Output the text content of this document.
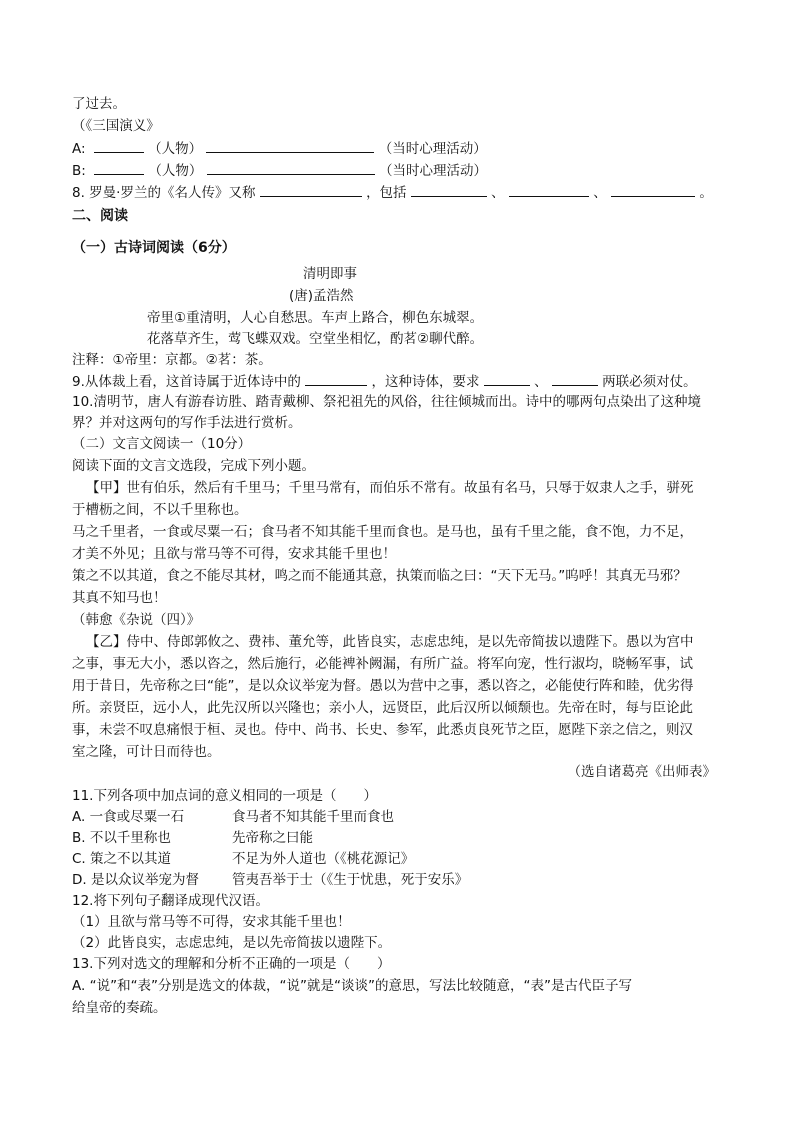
了过去。
（《三国演义》
A:	（人物）	（当时心理活动）
B:	（人物）	（当时心理活动）
8. 罗曼·罗兰的《名人传》又称	，包括	、	、	。
二、阅读
（一）古诗词阅读（6分）
清明即事
(唐)孟浩然
帝里①重清明，人心自愁思。车声上路合，柳色东城翠。
花落草齐生，莺飞蝶双戏。空堂坐相忆，酌茗②聊代醉。
注释：①帝里：京都。②茗：茶。
9.从体裁上看，这首诗属于近体诗中的	，这种诗体，要求	、	两联必须对仗。
10.清明节，唐人有游春访胜、踏青戴柳、祭祀祖先的风俗，往往倾城而出。诗中的哪两句点染出了这种境
界？并对这两句的写作手法进行赏析。
（二）文言文阅读一（10分）
阅读下面的文言文选段，完成下列小题。
【甲】世有伯乐，然后有千里马；千里马常有，而伯乐不常有。故虽有名马，只辱于奴隶人之手，骈死
于槽枥之间，不以千里称也。
马之千里者，一食或尽粟一石；食马者不知其能千里而食也。是马也，虽有千里之能，食不饱，力不足，
才美不外见；且欲与常马等不可得，安求其能千里也！
策之不以其道，食之不能尽其材，鸣之而不能通其意，执策而临之曰：“天下无马。”呜呼！其真无马邪？
其真不知马也！
（韩愈《杂说（四）》
【乙】侍中、侍郎郭攸之、费祎、董允等，此皆良实，志虑忠纯，是以先帝简拔以遗陛下。愚以为宫中
之事，事无大小，悉以咨之，然后施行，必能裨补阙漏，有所广益。将军向宠，性行淑均，晓畅军事，试
用于昔日，先帝称之曰“能”，是以众议举宠为督。愚以为营中之事，悉以咨之，必能使行阵和睦，优劣得
所。亲贤臣，远小人，此先汉所以兴隆也；亲小人，远贤臣，此后汉所以倾颓也。先帝在时，每与臣论此
事，未尝不叹息痛恨于桓、灵也。侍中、尚书、长史、参军，此悉贞良死节之臣，愿陛下亲之信之，则汉
室之隆，可计日而待也。
（选自诸葛亮《出师表》
11.下列各项中加点词的意义相同的一项是（　　）
A. 一食或尽粟一石	食马者不知其能千里而食也
B. 不以千里称也	先帝称之曰能
C. 策之不以其道	不足为外人道也（《桃花源记》
D. 是以众议举宠为督 管夷吾举于士（《生于忧患，死于安乐》
12.将下列句子翻译成现代汉语。
（1）且欲与常马等不可得，安求其能千里也！
（2）此皆良实，志虑忠纯，是以先帝简拔以遗陛下。
13.下列对选文的理解和分析不正确的一项是（　　）
A. “说”和“表”分别是选文的体裁，“说”就是“谈谈”的意思，写法比较随意，“表”是古代臣子写
给皇帝的奏疏。
